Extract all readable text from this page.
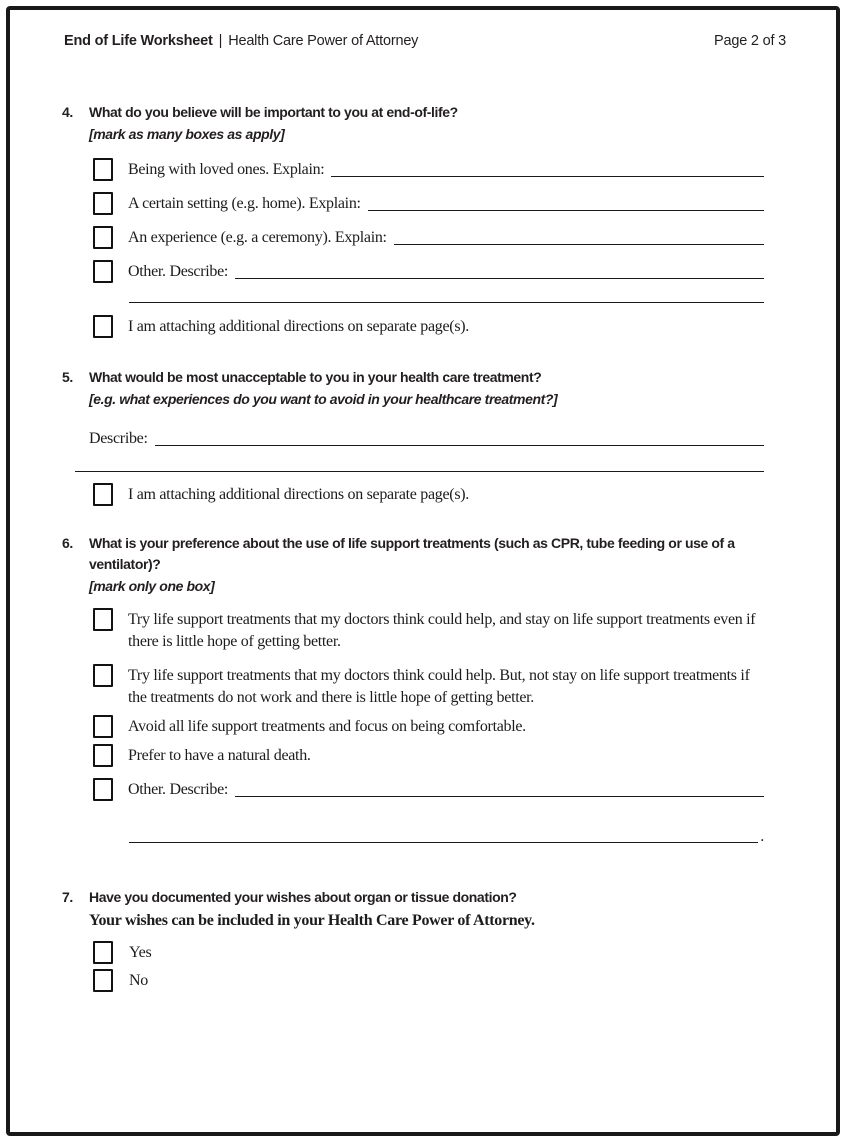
End of Life Worksheet | Health Care Power of Attorney	Page 2 of 3
4.	What do you believe will be important to you at end-of-life?
[mark as many boxes as apply]
Being with loved ones. Explain:
A certain setting (e.g. home). Explain:
An experience (e.g. a ceremony). Explain:
Other. Describe:
I am attaching additional directions on separate page(s).
5.	What would be most unacceptable to you in your health care treatment?
[e.g. what experiences do you want to avoid in your healthcare treatment?]
Describe:
I am attaching additional directions on separate page(s).
6.	What is your preference about the use of life support treatments (such as CPR, tube feeding or use of a ventilator)?
[mark only one box]
Try life support treatments that my doctors think could help, and stay on life support treatments even if there is little hope of getting better.
Try life support treatments that my doctors think could help. But, not stay on life support treatments if the treatments do not work and there is little hope of getting better.
Avoid all life support treatments and focus on being comfortable.
Prefer to have a natural death.
Other. Describe:
.
7.	Have you documented your wishes about organ or tissue donation?
Your wishes can be included in your Health Care Power of Attorney.
Yes
No
